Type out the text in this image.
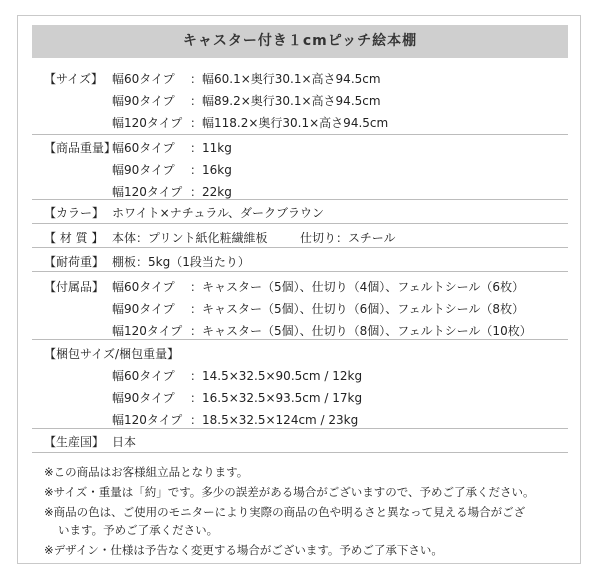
キャスター付き１cmピッチ絵本棚
【サイズ】 幅60タイプ ：幅60.1×奥行30.1×高さ94.5cm
幅90タイプ ：幅89.2×奥行30.1×高さ94.5cm
幅120タイプ ：幅118.2×奥行30.1×高さ94.5cm
【商品重量】
幅60タイプ ：11kg
幅90タイプ ：16kg
幅120タイプ ：22kg
【カラー】 ホワイト×ナチュラル、ダークブラウン
【 材 質 】 本体：プリント紙化粧繊維板	仕切り：スチール
【耐荷重】 棚板：5kg（1段当たり）
【付属品】 幅60タイプ ：キャスター（5個）、仕切り（4個）、フェルトシール（6枚）
幅90タイプ ：キャスター（5個）、仕切り（6個）、フェルトシール（8枚）
幅120タイプ ：キャスター（5個）、仕切り（8個）、フェルトシール（10枚）
【梱包サイズ/梱包重量】
幅60タイプ ：14.5×32.5×90.5cm / 12kg
幅90タイプ ：16.5×32.5×93.5cm / 17kg
幅120タイプ ：18.5×32.5×124cm / 23kg
【生産国】 日本
※この商品はお客様組立品となります。
※サイズ・重量は「約」です。多少の誤差がある場合がございますので、予めご了承ください。
※商品の色は、ご使用のモニターにより実際の商品の色や明るさと異なって見える場合がござ
います。予めご了承ください。
※デザイン・仕様は予告なく変更する場合がございます。予めご了承下さい。
